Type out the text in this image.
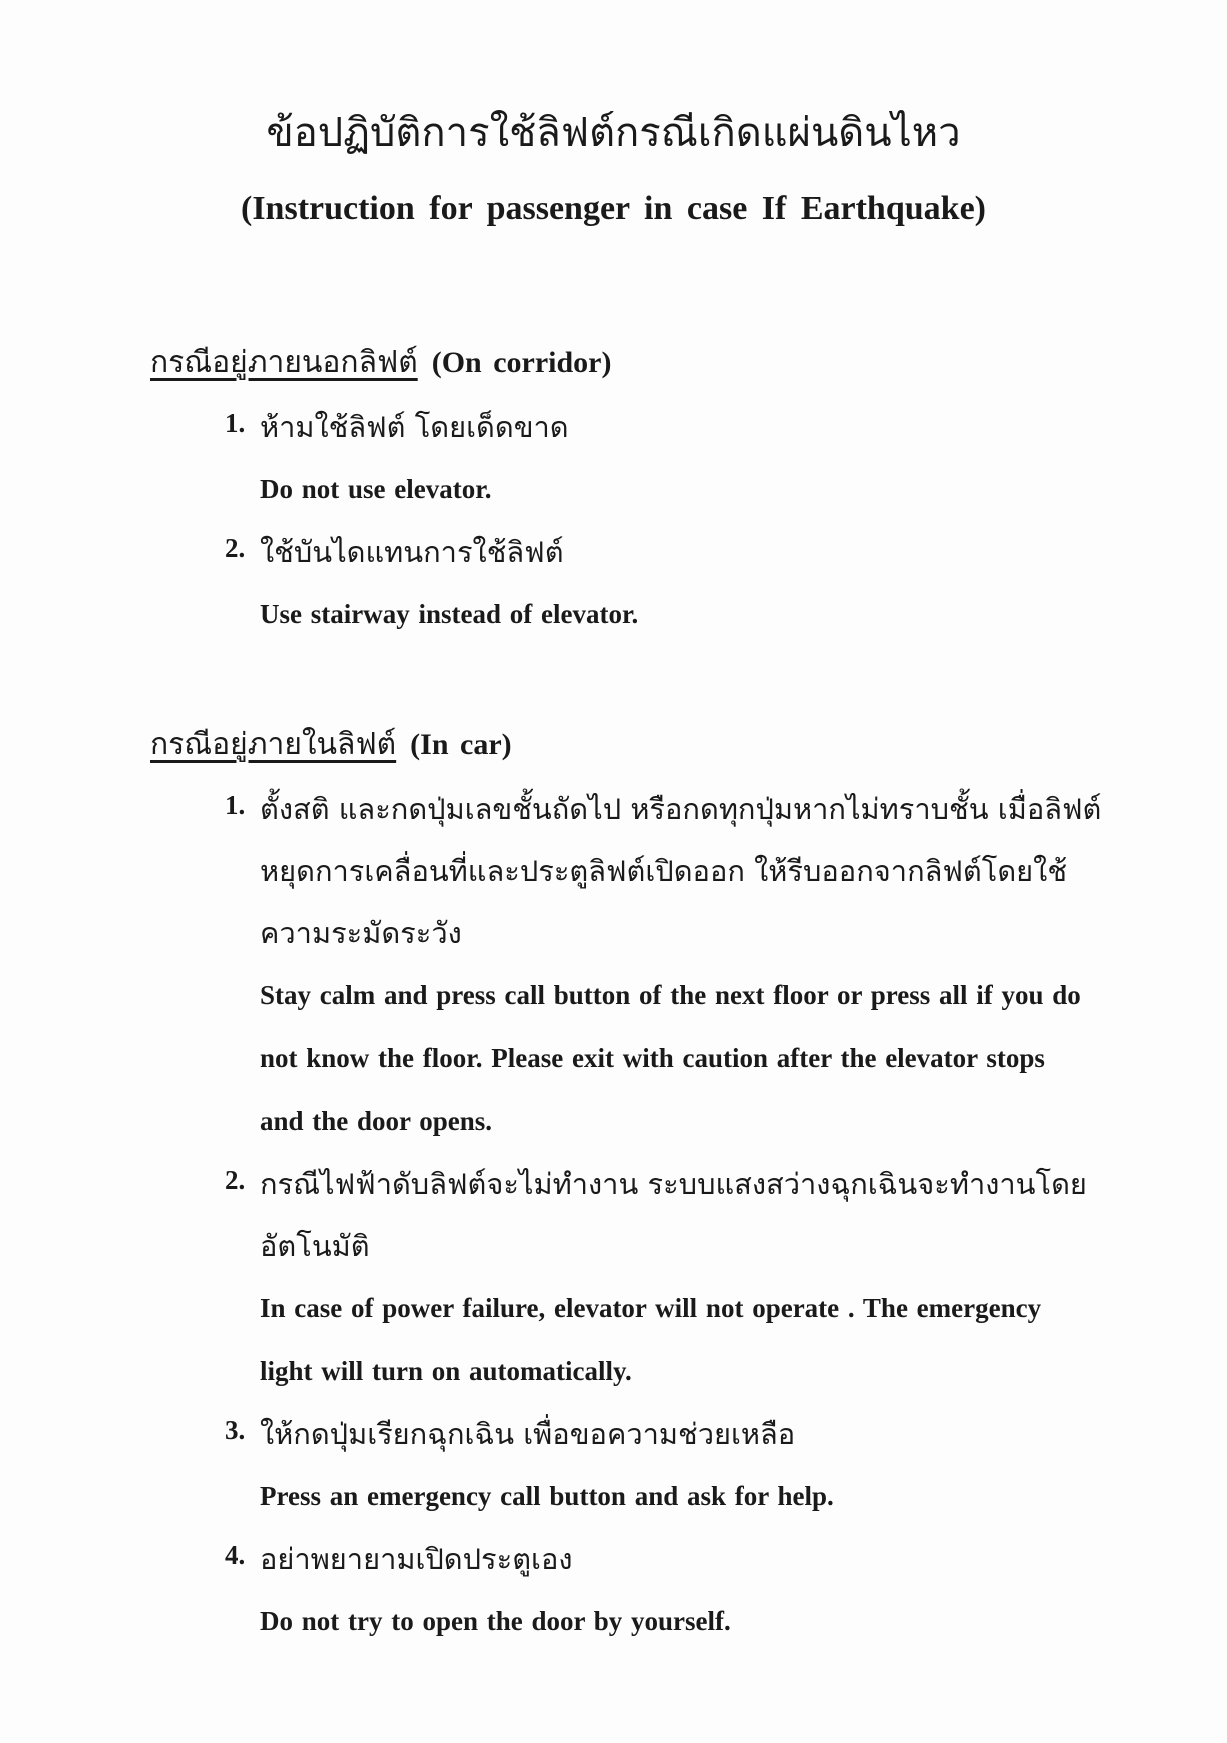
ข้อปฏิบัติการใช้ลิฟต์กรณีเกิดแผ่นดินไหว
(Instruction for passenger in case If Earthquake)
กรณีอยู่ภายนอกลิฟต์ (On corridor)
1. ห้ามใช้ลิฟต์ โดยเด็ดขาด
Do not use elevator.
2. ใช้บันไดแทนการใช้ลิฟต์
Use stairway instead of elevator.
กรณีอยู่ภายในลิฟต์ (In car)
1. ตั้งสติ และกดปุ่มเลขชั้นถัดไป หรือกดทุกปุ่มหากไม่ทราบชั้น เมื่อลิฟต์หยุดการเคลื่อนที่และประตูลิฟต์เปิดออก ให้รีบออกจากลิฟต์โดยใช้ความระมัดระวัง
Stay calm and press call button of the next floor or press all if you do not know the floor. Please exit with caution after the elevator stops and the door opens.
2. กรณีไฟฟ้าดับลิฟต์จะไม่ทำงาน ระบบแสงสว่างฉุกเฉินจะทำงานโดยอัตโนมัติ
In case of power failure, elevator will not operate . The emergency light will turn on automatically.
3. ให้กดปุ่มเรียกฉุกเฉิน เพื่อขอความช่วยเหลือ
Press an emergency call button and ask for help.
4. อย่าพยายามเปิดประตูเอง
Do not try to open the door by yourself.
